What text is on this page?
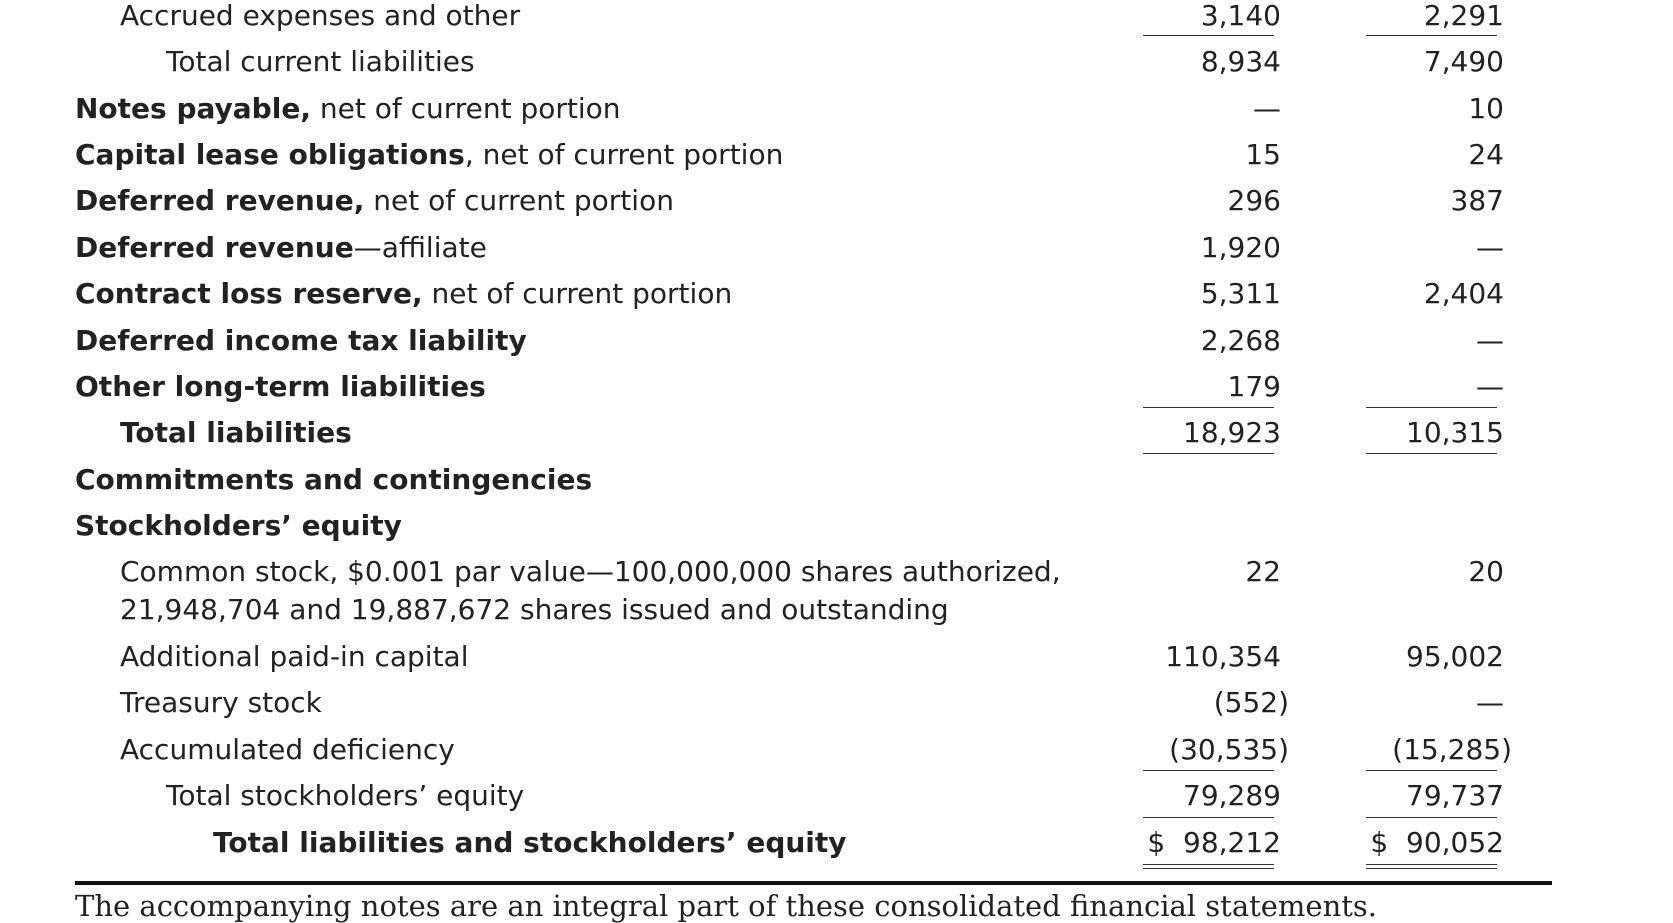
Accrued expenses and other	3,140	2,291
Total current liabilities	8,934	7,490
Notes payable, net of current portion	—	10
Capital lease obligations, net of current portion	15	24
Deferred revenue, net of current portion	296	387
Deferred revenue—affiliate	1,920	—
Contract loss reserve, net of current portion	5,311	2,404
Deferred income tax liability	2,268	—
Other long-term liabilities	179	—
Total liabilities	18,923	10,315
Commitments and contingencies
Stockholders’ equity
Common stock, $0.001 par value—100,000,000 shares authorized,
21,948,704 and 19,887,672 shares issued and outstanding
22	20
Additional paid-in capital	110,354	95,002
Treasury stock	(552)	—
Accumulated deficiency	(30,535)	(15,285)
Total stockholders’ equity	79,289	79,737
Total liabilities and stockholders’ equity	$  98,212	$  90,052
The accompanying notes are an integral part of these consolidated financial statements.
